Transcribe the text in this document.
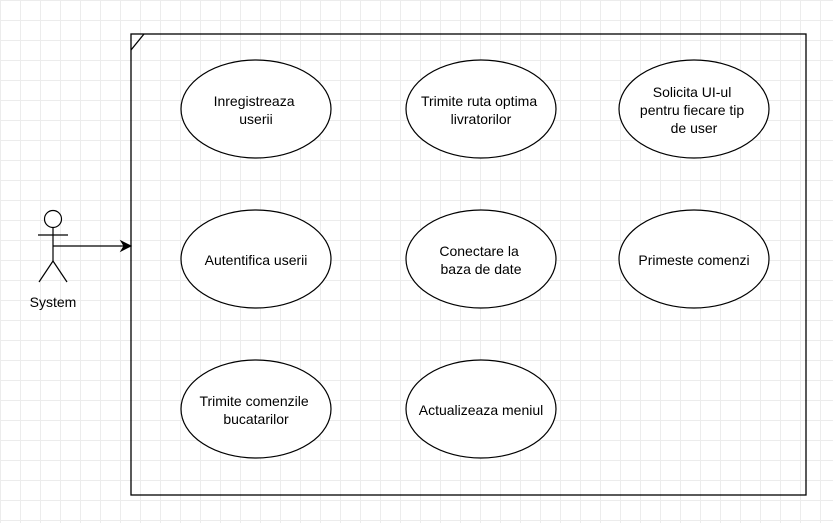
System
Inregistreaza userii
Trimite ruta optima livratorilor
Solicita UI-ul pentru fiecare tip de user
Autentifica userii
Conectare la baza de date
Primeste comenzi
Trimite comenzile bucatarilor
Actualizeaza meniul
